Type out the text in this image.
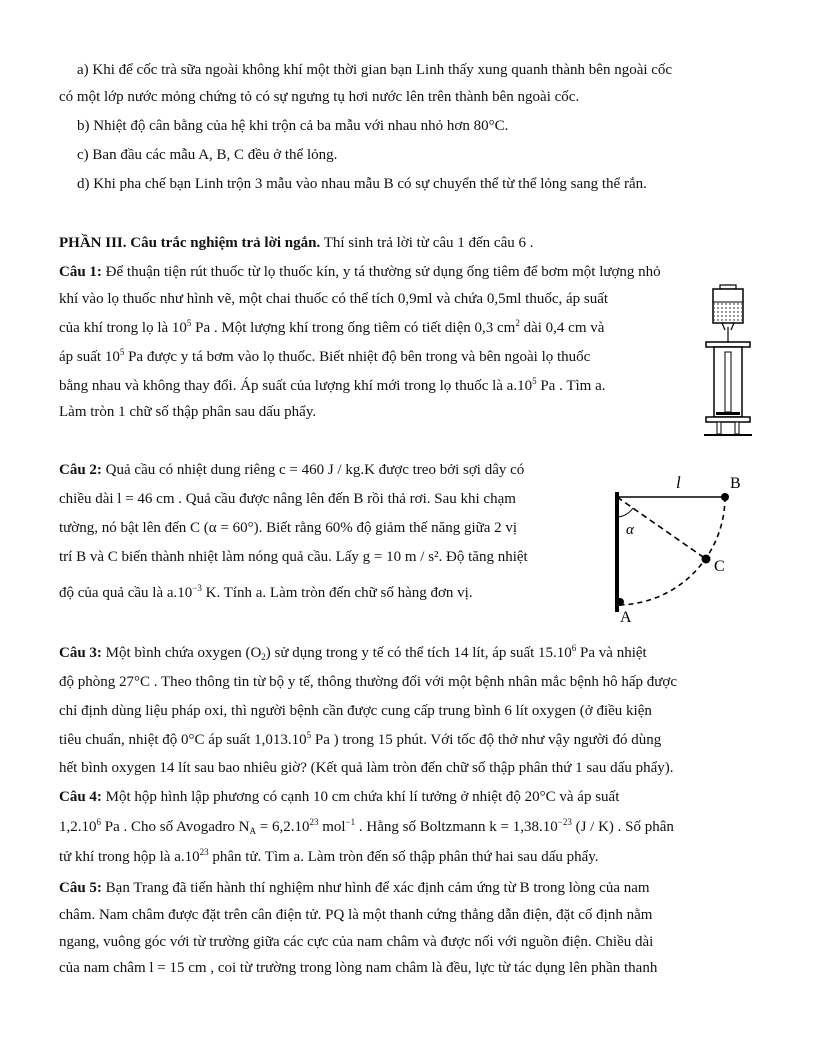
a) Khi để cốc trà sữa ngoài không khí một thời gian bạn Linh thấy xung quanh thành bên ngoài cốc
có một lớp nước mỏng chứng tỏ có sự ngưng tụ hơi nước lên trên thành bên ngoài cốc.
b) Nhiệt độ cân bằng của hệ khi trộn cả ba mẫu với nhau nhỏ hơn 80°C.
c) Ban đầu các mẫu A, B, C đều ở thể lỏng.
d) Khi pha chế bạn Linh trộn 3 mẫu vào nhau mẫu B có sự chuyển thể từ thể lỏng sang thể rắn.
PHẦN III. Câu trắc nghiệm trả lời ngắn. Thí sinh trả lời từ câu 1 đến câu 6 .
Câu 1: Để thuận tiện rút thuốc từ lọ thuốc kín, y tá thường sử dụng ống tiêm để bơm một lượng nhỏ
khí vào lọ thuốc như hình vẽ, một chai thuốc có thể tích 0,9ml và chứa 0,5ml thuốc, áp suất
của khí trong lọ là $10^5$ Pa . Một lượng khí trong ống tiêm có tiết diện 0,3 $cm^2$ dài 0,4 cm và
áp suất $10^5$ Pa được y tá bơm vào lọ thuốc. Biết nhiệt độ bên trong và bên ngoài lọ thuốc
bằng nhau và không thay đổi. Áp suất của lượng khí mới trong lọ thuốc là $a.10^5$ Pa . Tìm a.
Làm tròn 1 chữ số thập phân sau dấu phẩy.
Câu 2: Quả cầu có nhiệt dung riêng c = 460 J / kg.K được treo bởi sợi dây có
chiều dài l = 46 cm . Quả cầu được nâng lên đến B rồi thả rơi. Sau khi chạm
tường, nó bật lên đến C (α = 60°). Biết rằng 60% độ giảm thế năng giữa 2 vị
trí B và C biến thành nhiệt làm nóng quả cầu. Lấy g = 10 m / s². Độ tăng nhiệt
độ của quả cầu là $a.10^{-3}$ K. Tính a. Làm tròn đến chữ số hàng đơn vị.
l	B
C
A
α
Câu 3: Một bình chứa oxygen $(O_2)$ sử dụng trong y tế có thể tích 14 lít, áp suất 15.10$^6$ Pa và nhiệt
độ phòng 27°C . Theo thông tin từ bộ y tế, thông thường đối với một bệnh nhân mắc bệnh hô hấp được
chỉ định dùng liệu pháp oxi, thì người bệnh cần được cung cấp trung bình 6 lít oxygen (ở điều kiện
tiêu chuẩn, nhiệt độ 0°C áp suất 1,013.10$^5$ Pa ) trong 15 phút. Với tốc độ thở như vậy người đó dùng
hết bình oxygen 14 lít sau bao nhiêu giờ? (Kết quả làm tròn đến chữ số thập phân thứ 1 sau dấu phẩy).
Câu 4: Một hộp hình lập phương có cạnh 10 cm chứa khí lí tưởng ở nhiệt độ 20°C và áp suất
1,2.10$^6$ Pa . Cho số Avogadro $N_A = 6,2.10^{23}$ mol$^{-1}$ . Hằng số Boltzmann $k = 1,38.10^{-23}$ (J / K) . Số phân
tử khí trong hộp là $a.10^{23}$ phân tử. Tìm a. Làm tròn đến số thập phân thứ hai sau dấu phẩy.
Câu 5: Bạn Trang đã tiến hành thí nghiệm như hình để xác định cảm ứng từ B trong lòng của nam
châm. Nam châm được đặt trên cân điện tử. PQ là một thanh cứng thẳng dẫn điện, đặt cố định nằm
ngang, vuông góc với từ trường giữa các cực của nam châm và được nối với nguồn điện. Chiều dài
của nam châm l = 15 cm , coi từ trường trong lòng nam châm là đều, lực từ tác dụng lên phần thanh
